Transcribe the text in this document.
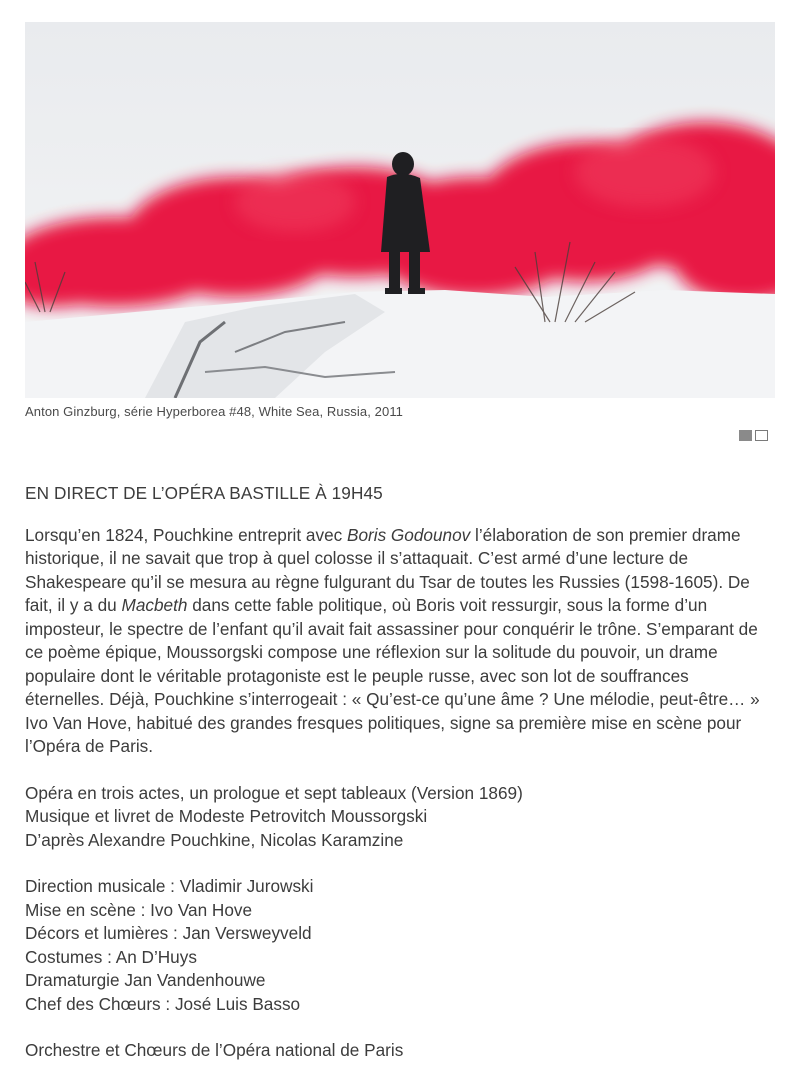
Anton Ginzburg, série Hyperborea #48, White Sea, Russia, 2011
EN DIRECT DE L’OPÉRA BASTILLE À 19H45

Lorsqu’en 1824, Pouchkine entreprit avec Boris Godounov l’élaboration de son premier drame historique, il ne savait que trop à quel colosse il s’attaquait. C’est armé d’une lecture de Shakespeare qu’il se mesura au règne fulgurant du Tsar de toutes les Russies (1598-1605). De fait, il y a du Macbeth dans cette fable politique, où Boris voit ressurgir, sous la forme d’un imposteur, le spectre de l’enfant qu’il avait fait assassiner pour conquérir le trône. S’emparant de ce poème épique, Moussorgski compose une réflexion sur la solitude du pouvoir, un drame populaire dont le véritable protagoniste est le peuple russe, avec son lot de souffrances éternelles. Déjà, Pouchkine s’interrogeait : « Qu’est-ce qu’une âme ? Une mélodie, peut-être… » Ivo Van Hove, habitué des grandes fresques politiques, signe sa première mise en scène pour l’Opéra de Paris.

Opéra en trois actes, un prologue et sept tableaux (Version 1869)
Musique et livret de Modeste Petrovitch Moussorgski
D’après Alexandre Pouchkine, Nicolas Karamzine
Direction musicale : Vladimir Jurowski
Mise en scène : Ivo Van Hove
Décors et lumières : Jan Versweyveld
Costumes : An D’Huys
Dramaturgie Jan Vandenhouwe
Chef des Chœurs : José Luis Basso
Orchestre et Chœurs de l’Opéra national de Paris
